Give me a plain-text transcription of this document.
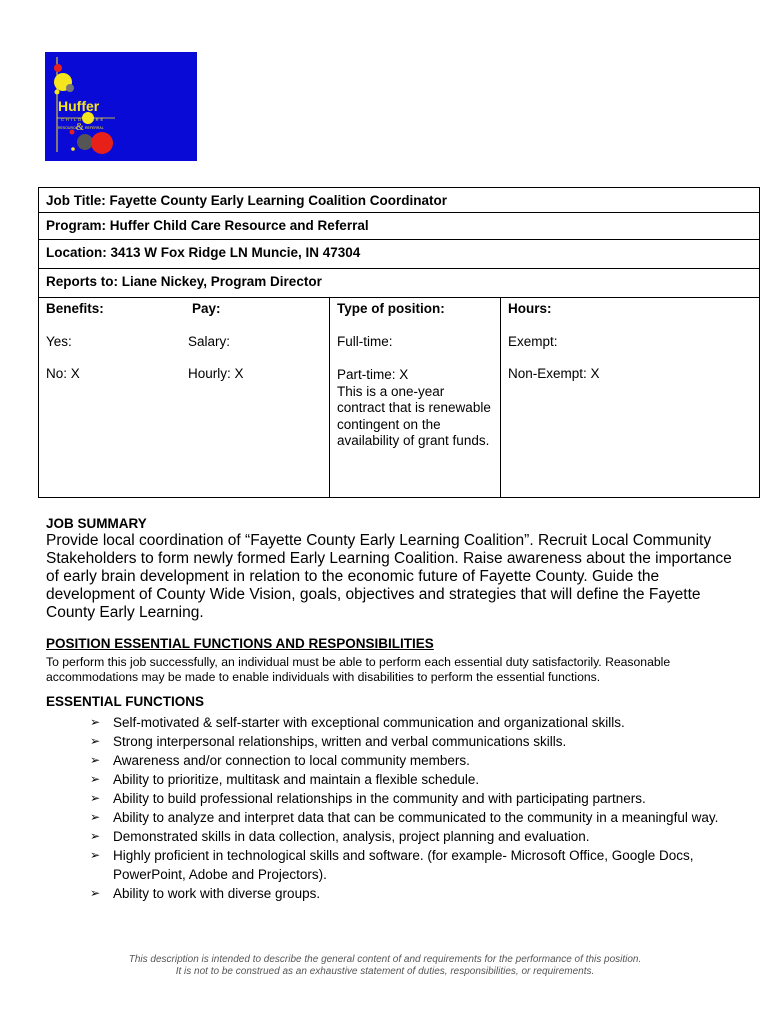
Huffer
CHILD CARE
RESOURCE
& REFERRAL
Job Title: Fayette County Early Learning Coalition Coordinator
Program: Huffer Child Care Resource and Referral
Location: 3413 W Fox Ridge LN Muncie, IN 47304
Reports to: Liane Nickey, Program Director
Benefits:
Yes:
No: X
Pay:
Salary:
Hourly: X
Type of position:
Full-time:
Part-time: X
This is a one-year
contract that is renewable
contingent on the
availability of grant funds.
Hours:
Exempt:
Non-Exempt: X
JOB SUMMARY

Provide local coordination of “Fayette County Early Learning Coalition”. Recruit Local Community Stakeholders to form newly formed Early Learning Coalition. Raise awareness about the importance of early brain development in relation to the economic future of Fayette County. Guide the development of County Wide Vision, goals, objectives and strategies that will define the Fayette County Early Learning.

POSITION ESSENTIAL FUNCTIONS AND RESPONSIBILITIES

To perform this job successfully, an individual must be able to perform each essential duty satisfactorily. Reasonable accommodations may be made to enable individuals with disabilities to perform the essential functions.

ESSENTIAL FUNCTIONS
➢ Self-motivated & self-starter with exceptional communication and organizational skills.
➢ Strong interpersonal relationships, written and verbal communications skills.
➢ Awareness and/or connection to local community members.
➢ Ability to prioritize, multitask and maintain a flexible schedule.
➢ Ability to build professional relationships in the community and with participating partners.
➢ Ability to analyze and interpret data that can be communicated to the community in a meaningful way.
➢ Demonstrated skills in data collection, analysis, project planning and evaluation.
➢ Highly proficient in technological skills and software. (for example- Microsoft Office, Google Docs, PowerPoint, Adobe and Projectors).
➢ Ability to work with diverse groups.
This description is intended to describe the general content of and requirements for the performance of this position.
It is not to be construed as an exhaustive statement of duties, responsibilities, or requirements.
